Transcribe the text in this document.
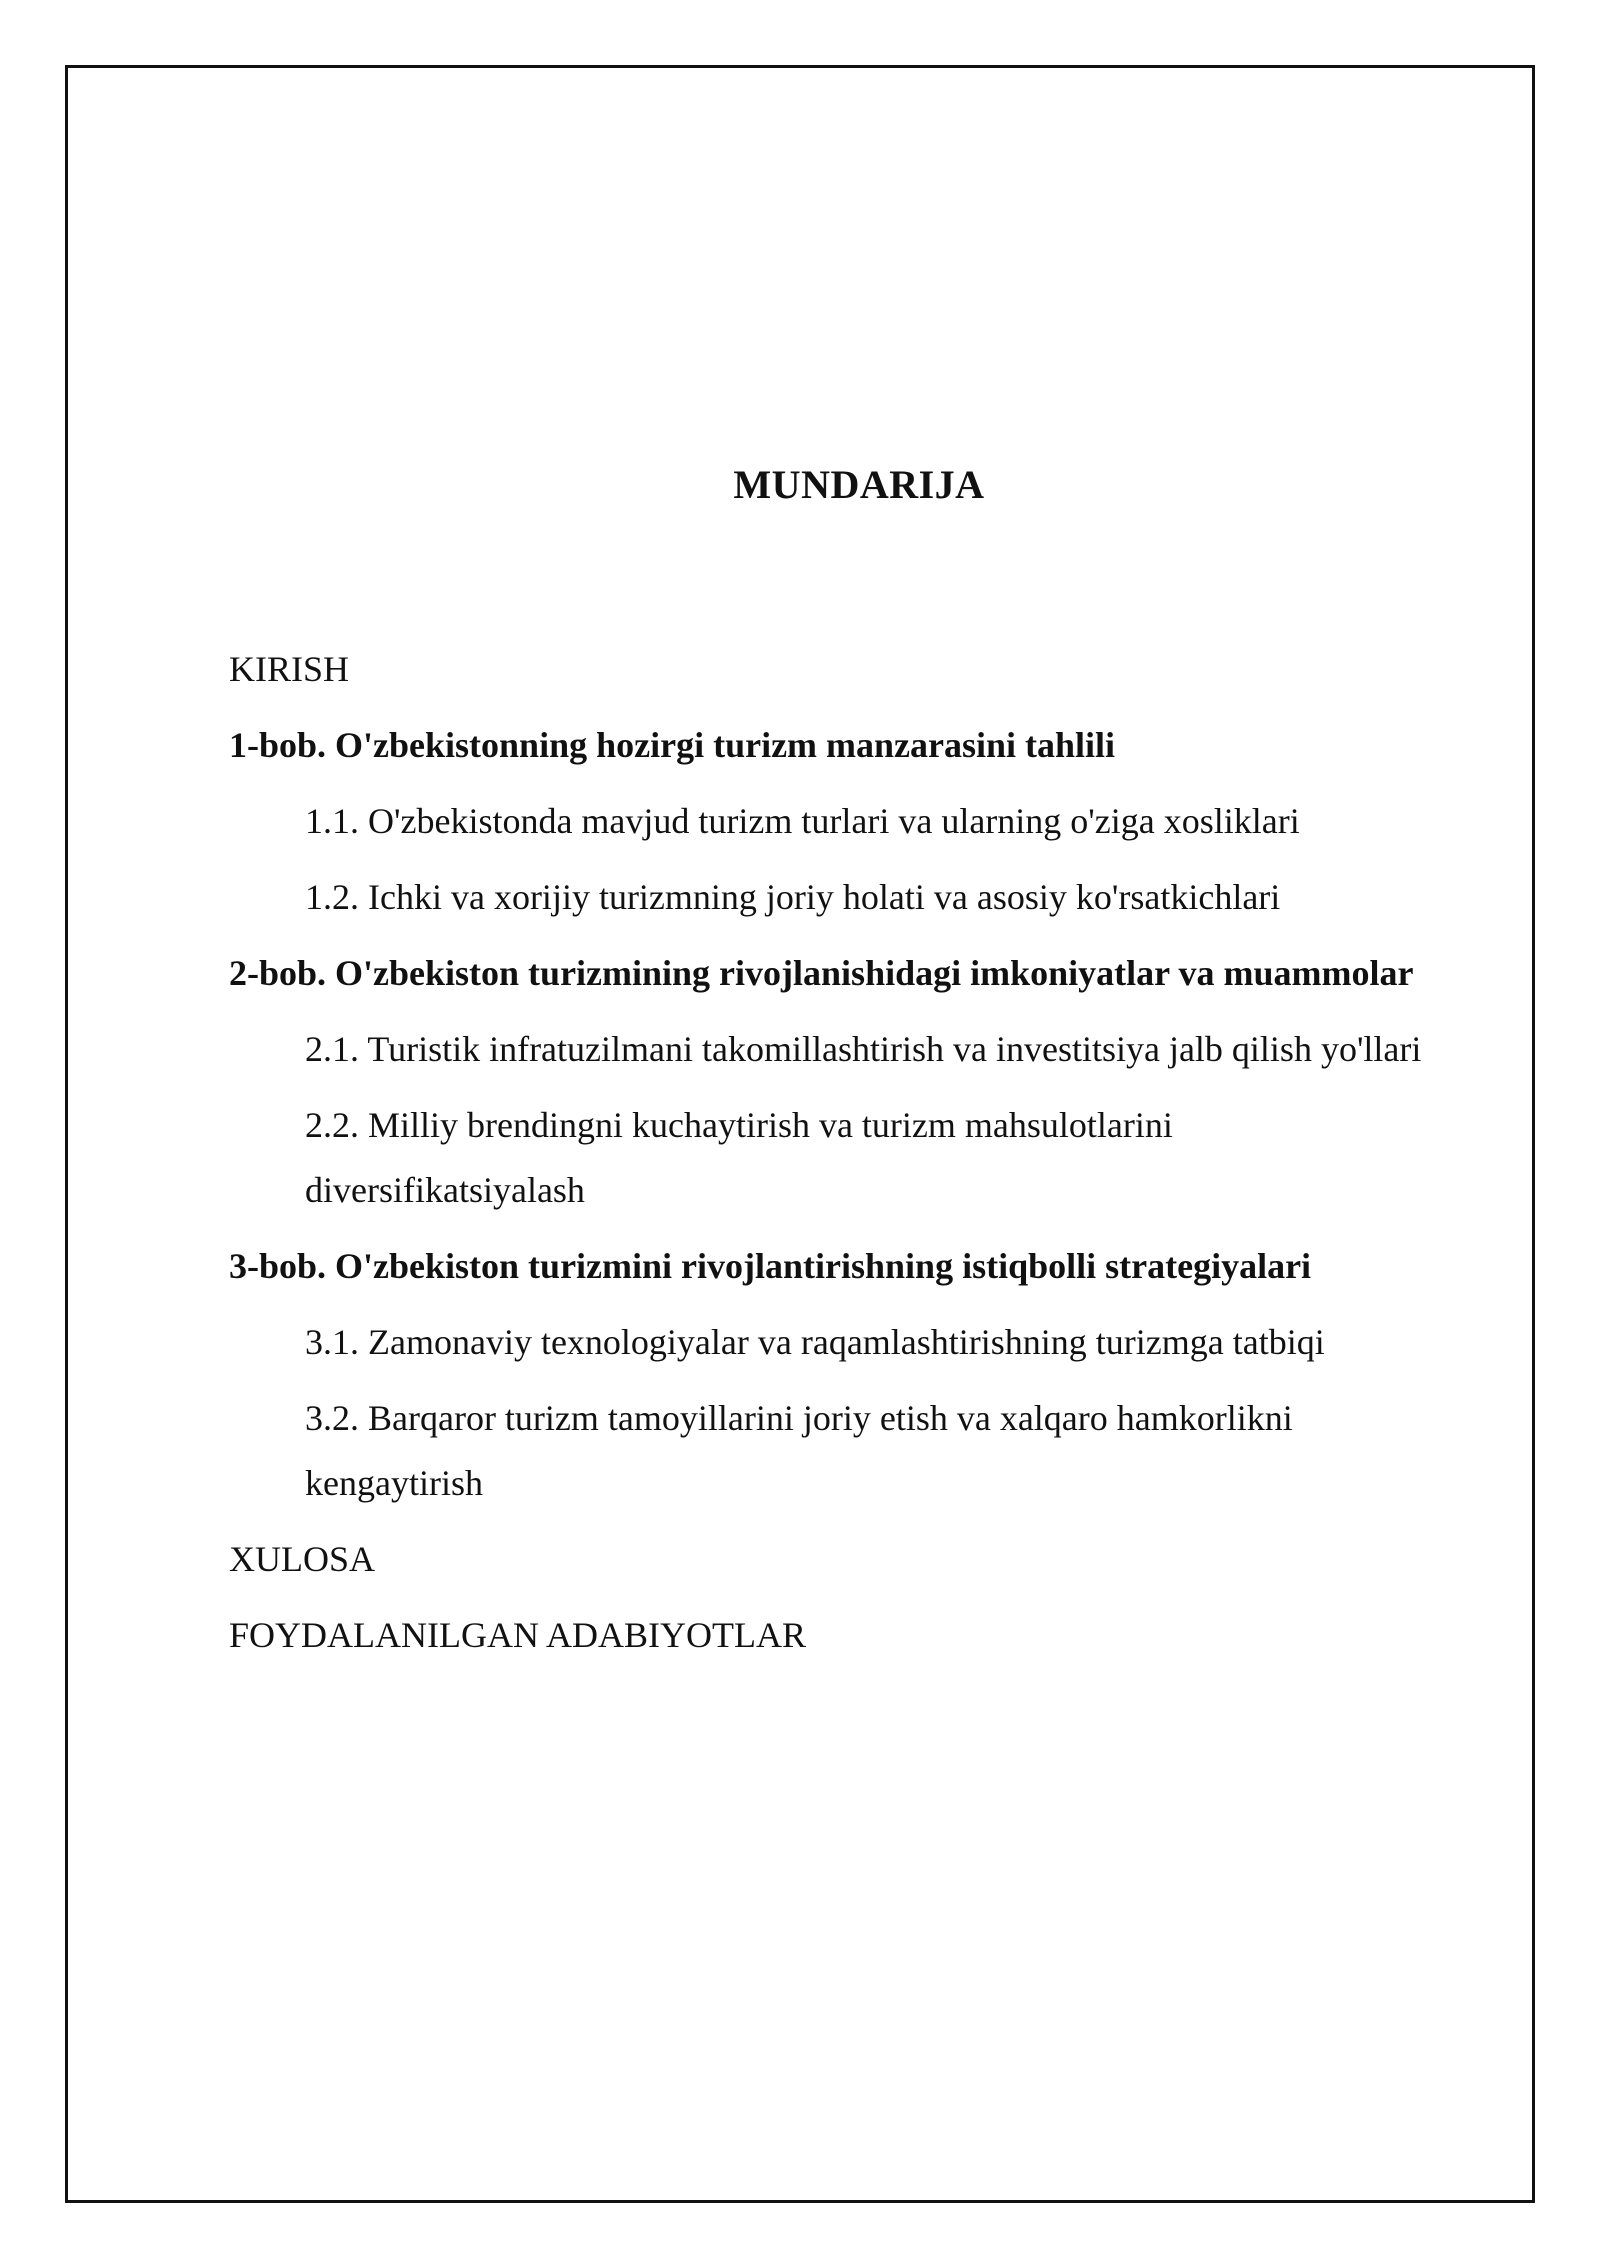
MUNDARIJA
KIRISH
1-bob. O'zbekistonning hozirgi turizm manzarasini tahlili
1.1. O'zbekistonda mavjud turizm turlari va ularning o'ziga xosliklari
1.2. Ichki va xorijiy turizmning joriy holati va asosiy ko'rsatkichlari
2-bob. O'zbekiston turizmining rivojlanishidagi imkoniyatlar va muammolar
2.1. Turistik infratuzilmani takomillashtirish va investitsiya jalb qilish yo'llari
2.2. Milliy brendingni kuchaytirish va turizm mahsulotlarini
diversifikatsiyalash
3-bob. O'zbekiston turizmini rivojlantirishning istiqbolli strategiyalari
3.1. Zamonaviy texnologiyalar va raqamlashtirishning turizmga tatbiqi
3.2. Barqaror turizm tamoyillarini joriy etish va xalqaro hamkorlikni
kengaytirish
XULOSA
FOYDALANILGAN ADABIYOTLAR
